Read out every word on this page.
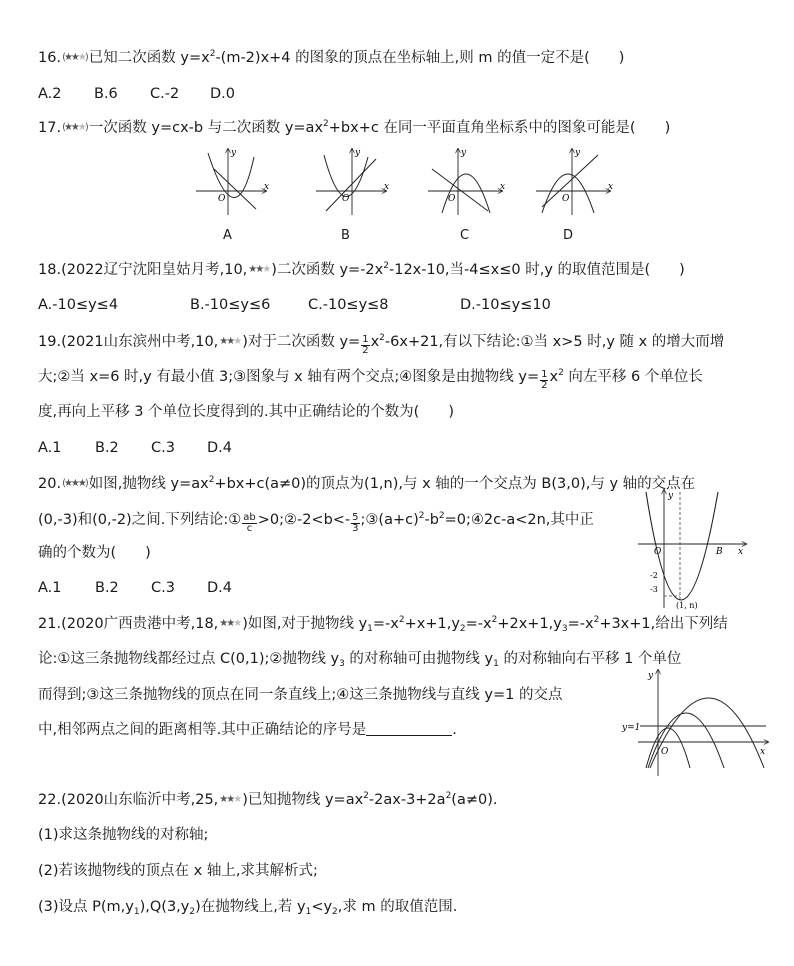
16.(★★★) 已知二次函数 $y=x^2-(m-2)x+4$ 的图象的顶点在坐标轴上,则 m 的值一定不是(　　)
A.2 B.6 C.-2 D.0
17.(★★★) 一次函数 y=cx-b 与二次函数 $y=ax^2+bx+c$ 在同一平面直角坐标系中的图象可能是(　　)
y
x
O
y
x
O
y
x
O
y
x
O
A	B	C	D
18.(2022辽宁沈阳皇姑月考,10,★★★ )二次函数 $y=-2x^2-12x-10$,当-4≤x≤0 时,y 的取值范围是(　　)
A.-10≤y≤4	B.-10≤y≤6	C.-10≤y≤8	D.-10≤y≤10
19.(2021山东滨州中考,10,★★★ )对于二次函数 $y= \frac{1}{2} x^2-6x+21$,有以下结论:①当 x>5 时,y 随 x 的增大而增
大;②当 x=6 时,y 有最小值 3;③图象与 x 轴有两个交点;④图象是由抛物线 $y= \frac{1}{2} x^2$ 向左平移 6 个单位长
度,再向上平移 3 个单位长度得到的.其中正确结论的个数为(　　)
A.1 B.2 C.3 D.4
20.(★★★) 如图,抛物线 $y=ax^2+bx+c(a\ne 0)$的顶点为(1,n),与 x 轴的一个交点为 B(3,0),与 y 轴的交点在
(0,-3)和(0,-2)之间.下列结论:① $\frac{ab}{c}$ >0;②-2<b<- $\frac{5}{3}$ $;③(a+c)^2-b^2=0;④2c-a<2n$,其中正
确的个数为(　　)
A.1 B.2 C.3 D.4
y
x
O	B
-2
-3
(1, n)
21.(2020广西贵港中考,18,★★★ )如图,对于抛物线 $y_1=-x^2+x+1,y_2=-x^2+2x+1,y_3=-x^2+3x+1$,给出下列结
论:①这三条抛物线都经过点 C(0,1);②抛物线 $y_3$ 的对称轴可由抛物线 $y_1$ 的对称轴向右平移 1 个单位
而得到;③这三条抛物线的顶点在同一条直线上;④这三条抛物线与直线 y=1 的交点
中,相邻两点之间的距离相等.其中正确结论的序号是	.
y
y=1
O	x
22.(2020山东临沂中考,25,★★★ )已知抛物线 $y=ax^2-2ax-3+2a^2(a\ne 0)$.
(1)求这条抛物线的对称轴;
(2)若该抛物线的顶点在 x 轴上,求其解析式;
(3)设点 $P(m,y_1),Q(3,y_2)$在抛物线上,若 $y_1<y_2$,求 m 的取值范围.
